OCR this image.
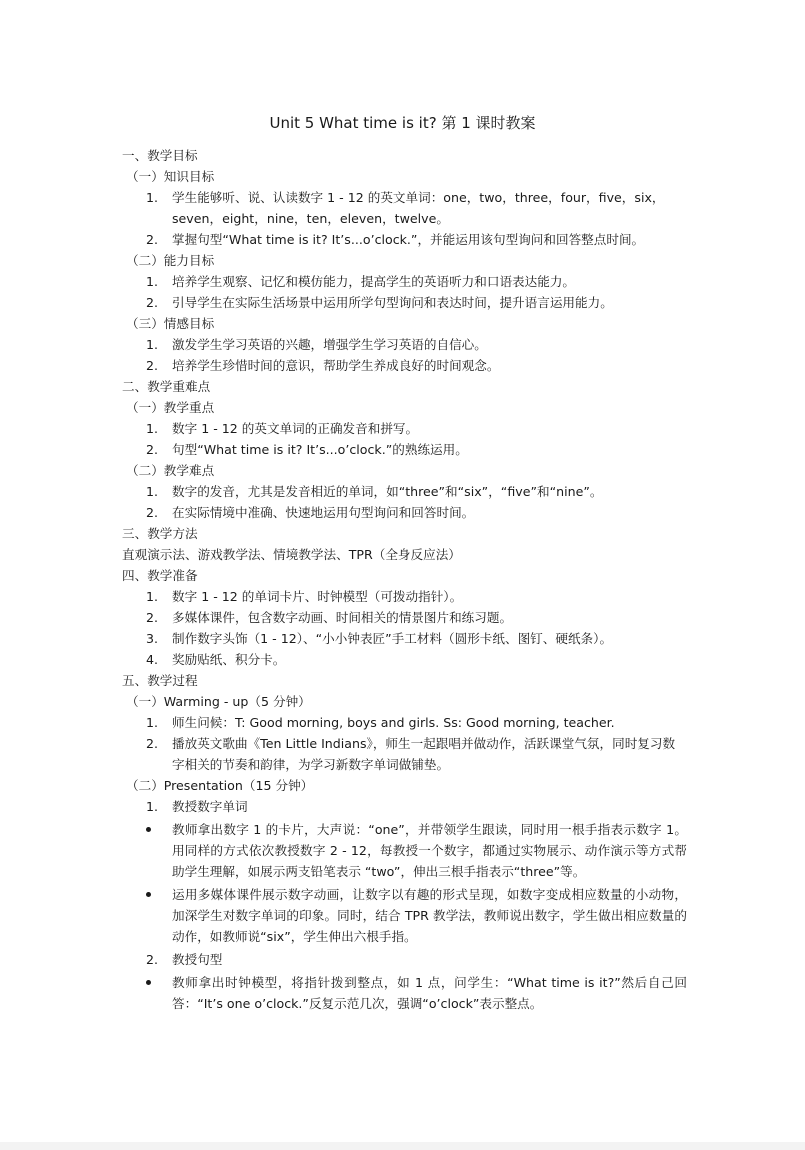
Unit 5 What time is it? 第 1 课时教案
一、教学目标
（一）知识目标
1. 学生能够听、说、认读数字 1 - 12 的英文单词：one，two，three，four，five，six，seven，eight，nine，ten，eleven，twelve。
2. 掌握句型“What time is it? It’s...o’clock.”，并能运用该句型询问和回答整点时间。
（二）能力目标
1. 培养学生观察、记忆和模仿能力，提高学生的英语听力和口语表达能力。
2. 引导学生在实际生活场景中运用所学句型询问和表达时间，提升语言运用能力。
（三）情感目标
1. 激发学生学习英语的兴趣，增强学生学习英语的自信心。
2. 培养学生珍惜时间的意识，帮助学生养成良好的时间观念。
二、教学重难点
（一）教学重点
1. 数字 1 - 12 的英文单词的正确发音和拼写。
2. 句型“What time is it? It’s...o’clock.”的熟练运用。
（二）教学难点
1. 数字的发音，尤其是发音相近的单词，如“three”和“six”，“five”和“nine”。
2. 在实际情境中准确、快速地运用句型询问和回答时间。
三、教学方法
直观演示法、游戏教学法、情境教学法、TPR（全身反应法）
四、教学准备
1. 数字 1 - 12 的单词卡片、时钟模型（可拨动指针）。
2. 多媒体课件，包含数字动画、时间相关的情景图片和练习题。
3. 制作数字头饰（1 - 12）、“小小钟表匠”手工材料（圆形卡纸、图钉、硬纸条）。
4. 奖励贴纸、积分卡。
五、教学过程
（一）Warming - up（5 分钟）
1. 师生问候：T: Good morning, boys and girls. Ss: Good morning, teacher.
2. 播放英文歌曲《Ten Little Indians》，师生一起跟唱并做动作，活跃课堂气氛，同时复习数字相关的节奏和韵律，为学习新数字单词做铺垫。
（二）Presentation（15 分钟）
1. 教授数字单词
教师拿出数字 1 的卡片，大声说：“one”，并带领学生跟读，同时用一根手指表示数字 1。用同样的方式依次教授数字 2 - 12，每教授一个数字，都通过实物展示、动作演示等方式帮助学生理解，如展示两支铅笔表示 “two”，伸出三根手指表示“three”等。
运用多媒体课件展示数字动画，让数字以有趣的形式呈现，如数字变成相应数量的小动物，加深学生对数字单词的印象。同时，结合 TPR 教学法，教师说出数字，学生做出相应数量的动作，如教师说“six”，学生伸出六根手指。
2. 教授句型
教师拿出时钟模型，将指针拨到整点，如 1 点，问学生：“What time is it?”然后自己回答：“It’s one o’clock.”反复示范几次，强调“o’clock”表示整点。
